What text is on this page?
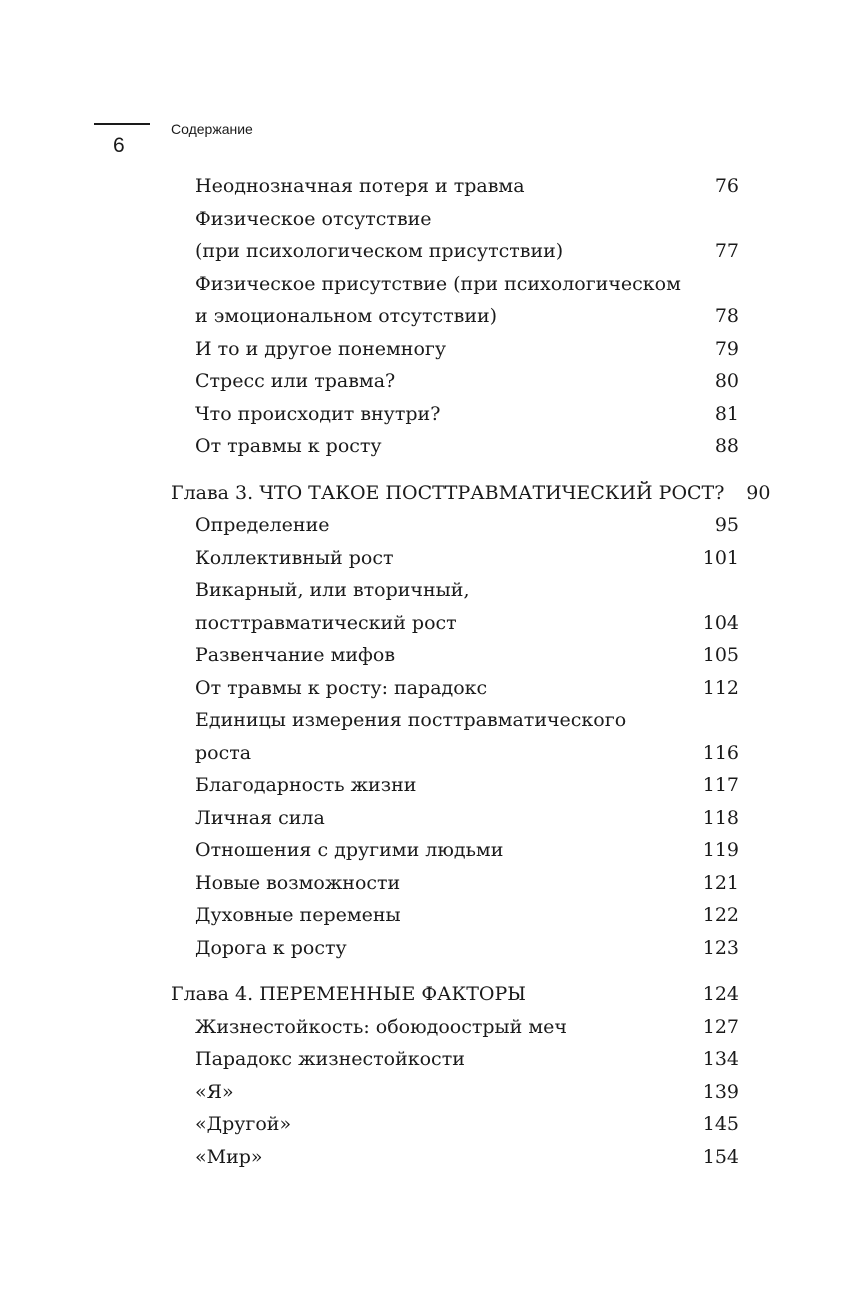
6
Содержание
Неоднозначная потеря и травма . . .	76
Физическое отсутствие
(при психологическом присутствии) . . .	77
Физическое присутствие (при психологическом
и эмоциональном отсутствии) . . .	78
И то и другое понемногу . . .	79
Стресс или травма? . . .	80
Что происходит внутри? . . .	81
От травмы к росту . . .	88
Глава 3. ЧТО ТАКОЕ ПОСТТРАВМАТИЧЕСКИЙ РОСТ? . . .	90
Определение . . .	95
Коллективный рост . . .	101
Викарный, или вторичный,
посттравматический рост . . .	104
Развенчание мифов . . .	105
От травмы к росту: парадокс . . .	112
Единицы измерения посттравматического
роста . . .	116
Благодарность жизни . . .	117
Личная сила . . .	118
Отношения с другими людьми . . .	119
Новые возможности . . .	121
Духовные перемены . . .	122
Дорога к росту . . .	123
Глава 4. ПЕРЕМЕННЫЕ ФАКТОРЫ . . .	124
Жизнестойкость: обоюдоострый меч . . .	127
Парадокс жизнестойкости . . .	134
«Я» . . .	139
«Другой» . . .	145
«Мир» . . .	154
